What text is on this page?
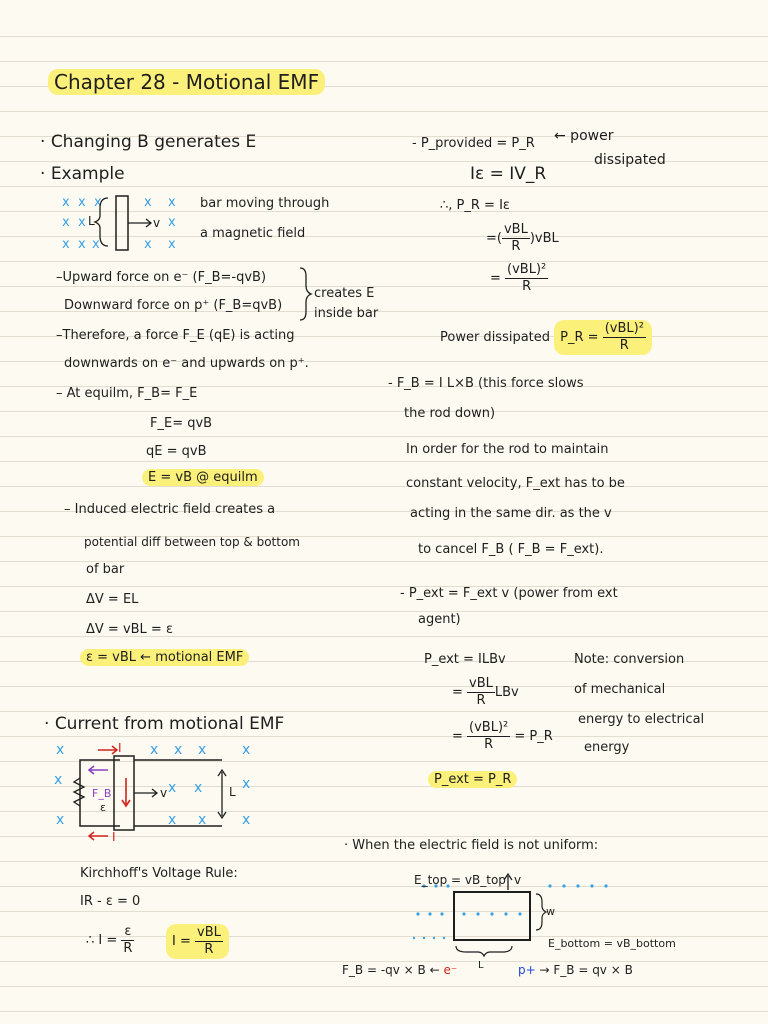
Chapter 28 - Motional EMF
· Changing B generates E
· Example
x x x
x x
x x x
x x
x
x x
L	v
bar moving through
a magnetic field
–Upward force on e⁻ (F_B=-qvB)
Downward force on p⁺ (F_B=qvB)
creates E
inside bar
–Therefore, a force F_E (qE) is acting
downwards on e⁻ and upwards on p⁺.
– At equilm, F_B= F_E
F_E= qvB
qE = qvB
E = vB @ equilm
– Induced electric field creates a
potential diff between top & bottom
of bar
ΔV = EL
ΔV = vBL = ε
ε = vBL ← motional EMF
· Current from motional EMF
x	x x x	x
x	x x	x
x	x x	x
I
I
F_B
ε
v	L
Kirchhoff's Voltage Rule:
IR - ε = 0
∴ $I = \frac{\varepsilon}{R}$	$I = \frac{\text{vBL}}{R}$
- P_provided = P_R ← power
dissipated
Iε = IV_R
∴, P_R = Iε
=( $\frac{\text{vBL}}{R} )vBL$
= $\frac{\text{(vBL)²}}{R}$
Power dissipated P_R = $\frac{\text{(vBL)²}}{R}$
- F_B = I L×B (this force slows
the rod down)
In order for the rod to maintain
constant velocity, F_ext has to be
acting in the same dir. as the v
to cancel F_B ( F_B = F_ext).
- P_ext = F_ext v (power from ext
agent)
P_ext = ILBv
= $\frac{\text{vBL}}{R}$ LBv
= $\frac{\text{(vBL)²}}{R}$ = P_R
P_ext = P_R
Note: conversion
of mechanical
energy to electrical
energy
· When the electric field is not uniform:
E_top = vB_top v
w
E_bottom = vB_bottom
L
F_B = -qv × B ← e⁻	p+ → F_B = qv × B
